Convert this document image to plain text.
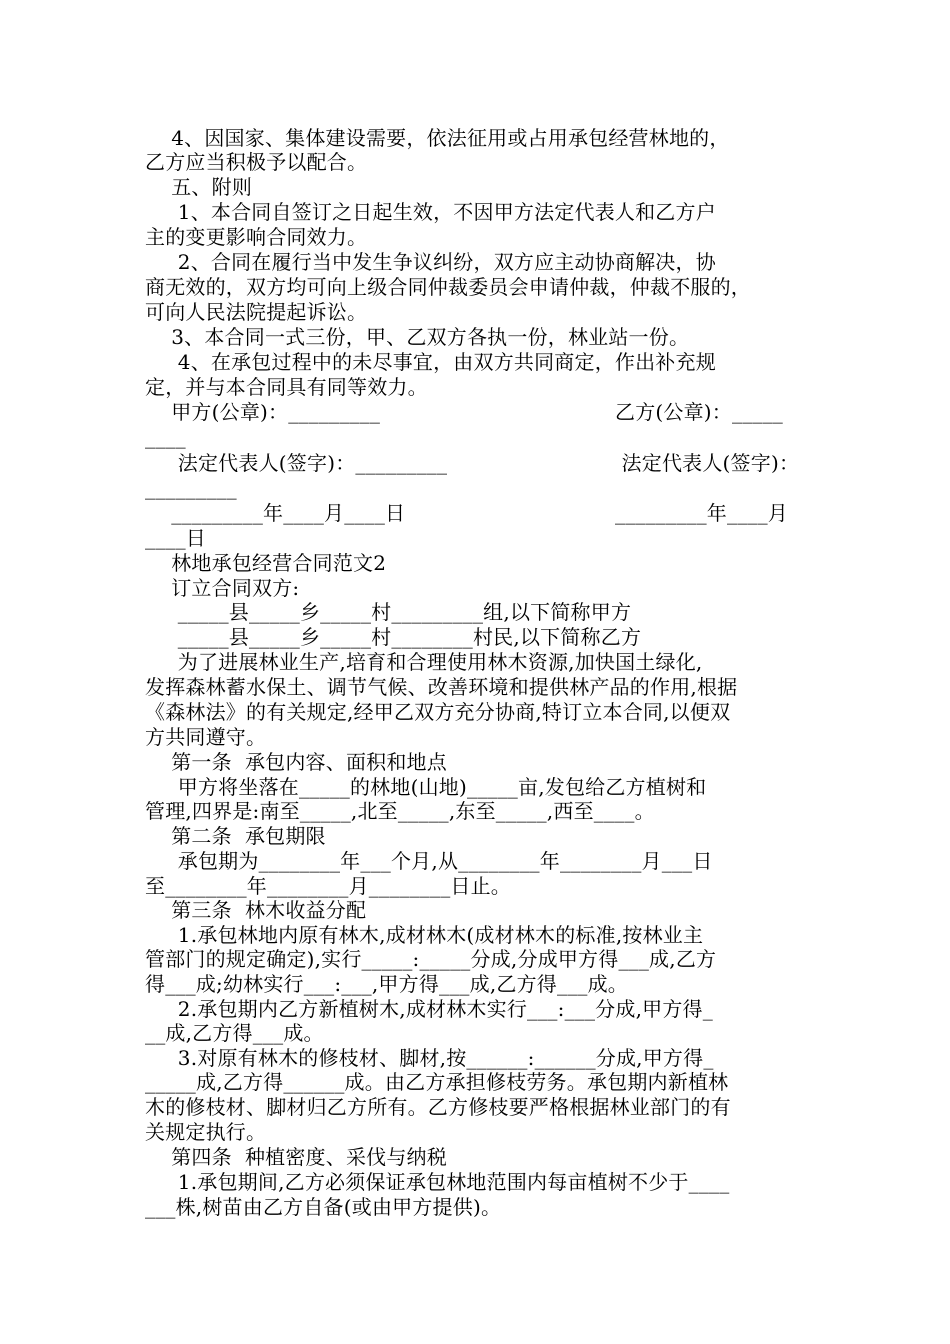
4、因国家、集体建设需要，依法征用或占用承包经营林地的，
乙方应当积极予以配合。
五、附则
1、本合同自签订之日起生效，不因甲方法定代表人和乙方户
主的变更影响合同效力。
2、合同在履行当中发生争议纠纷，双方应主动协商解决，协
商无效的，双方均可向上级合同仲裁委员会申请仲裁，仲裁不服的，
可向人民法院提起诉讼。
3、本合同一式三份，甲、乙双方各执一份，林业站一份。
4、在承包过程中的未尽事宜，由双方共同商定，作出补充规
定，并与本合同具有同等效力。
甲方(公章)：_________
____
法定代表人(签字)：_________
_________
_________年____月____日
____日
林地承包经营合同范文2
订立合同双方:
_____县_____乡_____村_________组,以下简称甲方
_____县_____乡_____村________村民,以下简称乙方
为了进展林业生产,培育和合理使用林木资源,加快国土绿化,
发挥森林蓄水保土、调节气候、改善环境和提供林产品的作用,根据
《森林法》的有关规定,经甲乙双方充分协商,特订立本合同,以便双
方共同遵守。
第一条  承包内容、面积和地点
甲方将坐落在_____的林地(山地)_____亩,发包给乙方植树和
管理,四界是:南至_____,北至_____,东至_____,西至____。
第二条  承包期限
承包期为________年___个月,从________年________月___日
至________年________月________日止。
第三条  林木收益分配
1.承包林地内原有林木,成材林木(成材林木的标准,按林业主
管部门的规定确定),实行_____:_____分成,分成甲方得___成,乙方
得___成;幼林实行___:___,甲方得___成,乙方得___成。
2.承包期内乙方新植树木,成材林木实行___:___分成,甲方得_
__成,乙方得___成。
3.对原有林木的修枝材、脚材,按______:______分成,甲方得_
_____成,乙方得______成。由乙方承担修枝劳务。承包期内新植林
木的修枝材、脚材归乙方所有。乙方修枝要严格根据林业部门的有
关规定执行。
第四条  种植密度、采伐与纳税
1.承包期间,乙方必须保证承包林地范围内每亩植树不少于____
___株,树苗由乙方自备(或由甲方提供)。
乙方(公章)：_____
法定代表人(签字)：
_________年____月
